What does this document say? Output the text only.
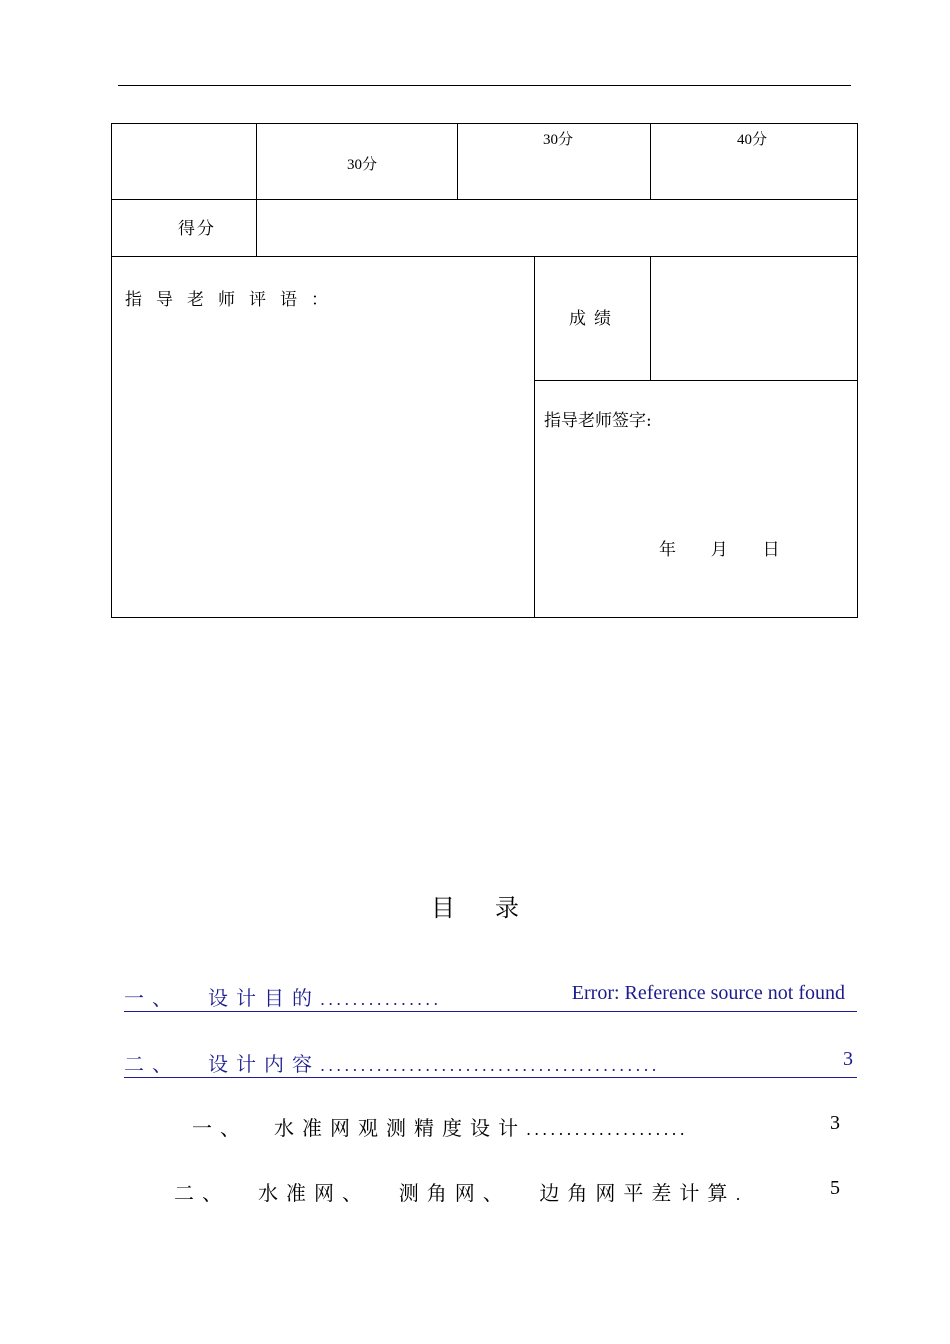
	30分	30分		40分

得分				

指导老师评语：			成绩	

			指导老师签字:
年  月  日	
目录
一、 设计目的...............	Error: Reference source not found
二、 设计内容..........................................	3
一、 水准网观测精度设计....................	3
二、 水准网、  测角网、  边角网平差计算.	5
